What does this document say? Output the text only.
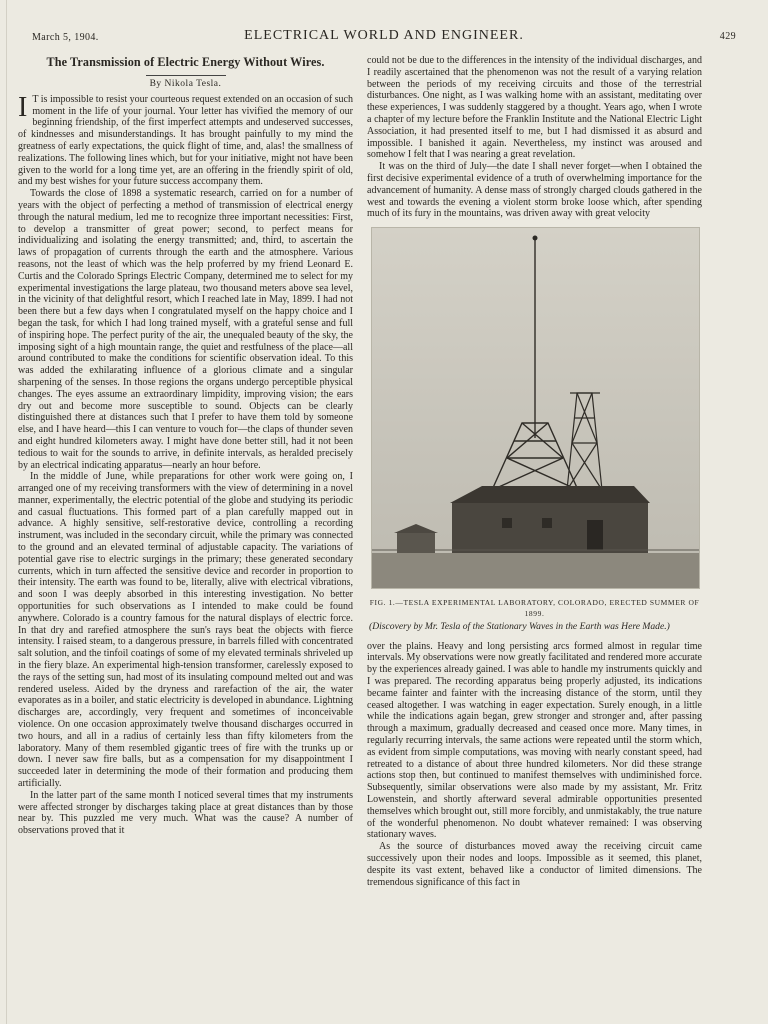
March 5, 1904.	ELECTRICAL WORLD AND ENGINEER.	429
The Transmission of Electric Energy Without Wires.
By Nikola Tesla.

I T is impossible to resist your courteous request extended on an occasion of such moment in the life of your journal. Your letter has vivified the memory of our beginning friendship, of the first imperfect attempts and undeserved successes, of kindnesses and misunderstandings. It has brought painfully to my mind the greatness of early expectations, the quick flight of time, and, alas! the smallness of realizations. The following lines which, but for your initiative, might not have been given to the world for a long time yet, are an offering in the friendly spirit of old, and my best wishes for your future success accompany them.

Towards the close of 1898 a systematic research, carried on for a number of years with the object of perfecting a method of transmission of electrical energy through the natural medium, led me to recognize three important necessities: First, to develop a transmitter of great power; second, to perfect means for individualizing and isolating the energy transmitted; and, third, to ascertain the laws of propagation of currents through the earth and the atmosphere. Various reasons, not the least of which was the help proferred by my friend Leonard E. Curtis and the Colorado Springs Electric Company, determined me to select for my experimental investigations the large plateau, two thousand meters above sea level, in the vicinity of that delightful resort, which I reached late in May, 1899. I had not been there but a few days when I congratulated myself on the happy choice and I began the task, for which I had long trained myself, with a grateful sense and full of inspiring hope. The perfect purity of the air, the unequaled beauty of the sky, the imposing sight of a high mountain range, the quiet and restfulness of the place—all around contributed to make the conditions for scientific observation ideal. To this was added the exhilarating influence of a glorious climate and a singular sharpening of the senses. In those regions the organs undergo perceptible physical changes. The eyes assume an extraordinary limpidity, improving vision; the ears dry out and become more susceptible to sound. Objects can be clearly distinguished there at distances such that I prefer to have them told by someone else, and I have heard—this I can venture to vouch for—the claps of thunder seven and eight hundred kilometers away. I might have done better still, had it not been tedious to wait for the sounds to arrive, in definite intervals, as heralded precisely by an electrical indicating apparatus—nearly an hour before.

In the middle of June, while preparations for other work were going on, I arranged one of my receiving transformers with the view of determining in a novel manner, experimentally, the electric potential of the globe and studying its periodic and casual fluctuations. This formed part of a plan carefully mapped out in advance. A highly sensitive, self-restorative device, controlling a recording instrument, was included in the secondary circuit, while the primary was connected to the ground and an elevated terminal of adjustable capacity. The variations of potential gave rise to electric surgings in the primary; these generated secondary currents, which in turn affected the sensitive device and recorder in proportion to their intensity. The earth was found to be, literally, alive with electrical vibrations, and soon I was deeply absorbed in this interesting investigation. No better opportunities for such observations as I intended to make could be found anywhere. Colorado is a country famous for the natural displays of electric force. In that dry and rarefied atmosphere the sun's rays beat the objects with fierce intensity. I raised steam, to a dangerous pressure, in barrels filled with concentrated salt solution, and the tinfoil coatings of some of my elevated terminals shriveled up in the fiery blaze. An experimental high-tension transformer, carelessly exposed to the rays of the setting sun, had most of its insulating compound melted out and was rendered useless. Aided by the dryness and rarefaction of the air, the water evaporates as in a boiler, and static electricity is developed in abundance. Lightning discharges are, accordingly, very frequent and sometimes of inconceivable violence. On one occasion approximately twelve thousand discharges occurred in two hours, and all in a radius of certainly less than fifty kilometers from the laboratory. Many of them resembled gigantic trees of fire with the trunks up or down. I never saw fire balls, but as a compensation for my disappointment I succeeded later in determining the mode of their formation and producing them artificially.

In the latter part of the same month I noticed several times that my instruments were affected stronger by discharges taking place at great distances than by those near by. This puzzled me very much. What was the cause? A number of observations proved that it

could not be due to the differences in the intensity of the individual discharges, and I readily ascertained that the phenomenon was not the result of a varying relation between the periods of my receiving circuits and those of the terrestrial disturbances. One night, as I was walking home with an assistant, meditating over these experiences, I was suddenly staggered by a thought. Years ago, when I wrote a chapter of my lecture before the Franklin Institute and the National Electric Light Association, it had presented itself to me, but I had dismissed it as absurd and impossible. I banished it again. Nevertheless, my instinct was aroused and somehow I felt that I was nearing a great revelation.

It was on the third of July—the date I shall never forget—when I obtained the first decisive experimental evidence of a truth of overwhelming importance for the advancement of humanity. A dense mass of strongly charged clouds gathered in the west and towards the evening a violent storm broke loose which, after spending much of its fury in the mountains, was driven away with great velocity

FIG. 1.—TESLA EXPERIMENTAL LABORATORY, COLORADO, ERECTED SUMMER OF 1899.
(Discovery by Mr. Tesla of the Stationary Waves in the Earth was Here Made.)

over the plains. Heavy and long persisting arcs formed almost in regular time intervals. My observations were now greatly facilitated and rendered more accurate by the experiences already gained. I was able to handle my instruments quickly and I was prepared. The recording apparatus being properly adjusted, its indications became fainter and fainter with the increasing distance of the storm, until they ceased altogether. I was watching in eager expectation. Surely enough, in a little while the indications again began, grew stronger and stronger and, after passing through a maximum, gradually decreased and ceased once more. Many times, in regularly recurring intervals, the same actions were repeated until the storm which, as evident from simple computations, was moving with nearly constant speed, had retreated to a distance of about three hundred kilometers. Nor did these strange actions stop then, but continued to manifest themselves with undiminished force. Subsequently, similar observations were also made by my assistant, Mr. Fritz Lowenstein, and shortly afterward several admirable opportunities presented themselves which brought out, still more forcibly, and unmistakably, the true nature of the wonderful phenomenon. No doubt whatever remained: I was observing stationary waves.

As the source of disturbances moved away the receiving circuit came successively upon their nodes and loops. Impossible as it seemed, this planet, despite its vast extent, behaved like a conductor of limited dimensions. The tremendous significance of this fact in
